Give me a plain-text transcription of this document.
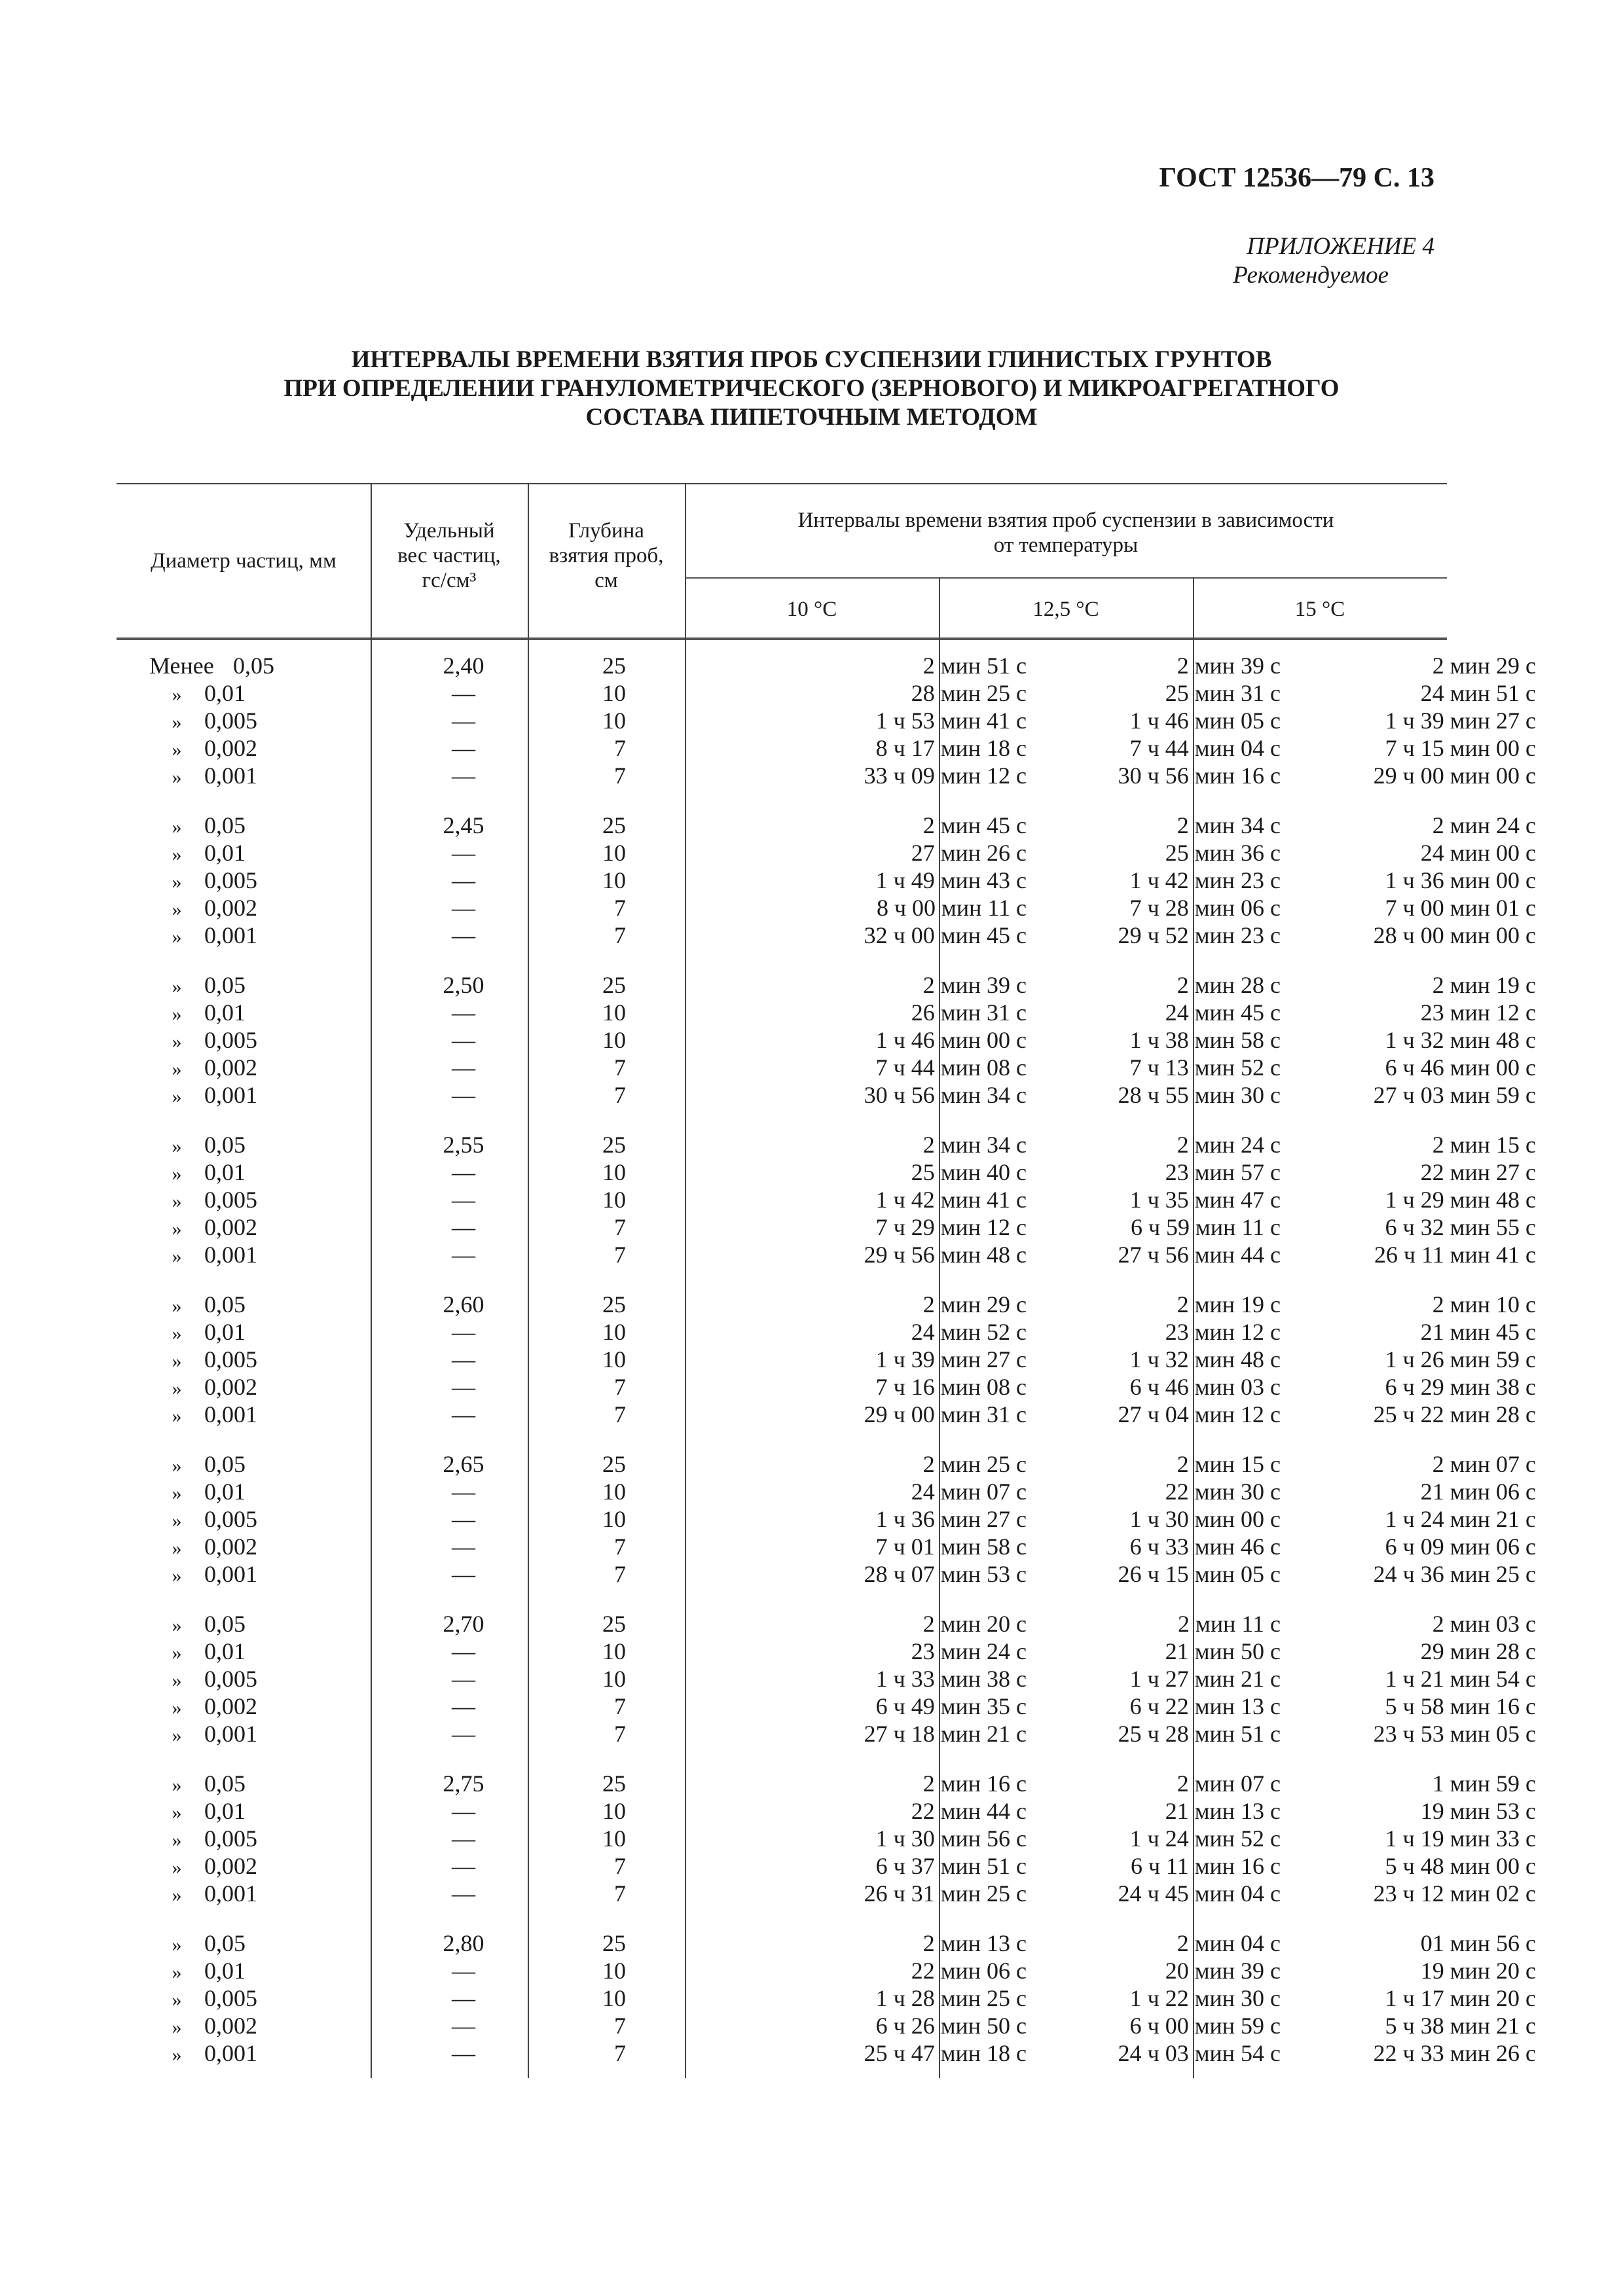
ГОСТ 12536—79 С. 13
ПРИЛОЖЕНИЕ 4
Рекомендуемое
ИНТЕРВАЛЫ ВРЕМЕНИ ВЗЯТИЯ ПРОБ СУСПЕНЗИИ ГЛИНИСТЫХ ГРУНТОВ
ПРИ ОПРЕДЕЛЕНИИ ГРАНУЛОМЕТРИЧЕСКОГО (ЗЕРНОВОГО) И МИКРОАГРЕГАТНОГО
СОСТАВА ПИПЕТОЧНЫМ МЕТОДОМ
Диаметр частиц, мм
Удельный
вес частиц,
гс/см³
Глубина
взятия проб,
см
Интервалы времени взятия проб суспензии в зависимости
от температуры
10 °С	12,5 °С	15 °С
Менее 0,05	2,40	25	2 мин 51 с	2 мин 39 с	2 мин 29 с
» 0,01	—	10	28 мин 25 с	25 мин 31 с	24 мин 51 с
» 0,005	—	10	1 ч 53 мин 41 с	1 ч 46 мин 05 с	1 ч 39 мин 27 с
» 0,002	—	7	8 ч 17 мин 18 с	7 ч 44 мин 04 с	7 ч 15 мин 00 с
» 0,001	—	7	33 ч 09 мин 12 с	30 ч 56 мин 16 с	29 ч 00 мин 00 с
» 0,05	2,45	25	2 мин 45 с	2 мин 34 с	2 мин 24 с
» 0,01	—	10	27 мин 26 с	25 мин 36 с	24 мин 00 с
» 0,005	—	10	1 ч 49 мин 43 с	1 ч 42 мин 23 с	1 ч 36 мин 00 с
» 0,002	—	7	8 ч 00 мин 11 с	7 ч 28 мин 06 с	7 ч 00 мин 01 с
» 0,001	—	7	32 ч 00 мин 45 с	29 ч 52 мин 23 с	28 ч 00 мин 00 с
» 0,05	2,50	25	2 мин 39 с	2 мин 28 с	2 мин 19 с
» 0,01	—	10	26 мин 31 с	24 мин 45 с	23 мин 12 с
» 0,005	—	10	1 ч 46 мин 00 с	1 ч 38 мин 58 с	1 ч 32 мин 48 с
» 0,002	—	7	7 ч 44 мин 08 с	7 ч 13 мин 52 с	6 ч 46 мин 00 с
» 0,001	—	7	30 ч 56 мин 34 с	28 ч 55 мин 30 с	27 ч 03 мин 59 с
» 0,05	2,55	25	2 мин 34 с	2 мин 24 с	2 мин 15 с
» 0,01	—	10	25 мин 40 с	23 мин 57 с	22 мин 27 с
» 0,005	—	10	1 ч 42 мин 41 с	1 ч 35 мин 47 с	1 ч 29 мин 48 с
» 0,002	—	7	7 ч 29 мин 12 с	6 ч 59 мин 11 с	6 ч 32 мин 55 с
» 0,001	—	7	29 ч 56 мин 48 с	27 ч 56 мин 44 с	26 ч 11 мин 41 с
» 0,05	2,60	25	2 мин 29 с	2 мин 19 с	2 мин 10 с
» 0,01	—	10	24 мин 52 с	23 мин 12 с	21 мин 45 с
» 0,005	—	10	1 ч 39 мин 27 с	1 ч 32 мин 48 с	1 ч 26 мин 59 с
» 0,002	—	7	7 ч 16 мин 08 с	6 ч 46 мин 03 с	6 ч 29 мин 38 с
» 0,001	—	7	29 ч 00 мин 31 с	27 ч 04 мин 12 с	25 ч 22 мин 28 с
» 0,05	2,65	25	2 мин 25 с	2 мин 15 с	2 мин 07 с
» 0,01	—	10	24 мин 07 с	22 мин 30 с	21 мин 06 с
» 0,005	—	10	1 ч 36 мин 27 с	1 ч 30 мин 00 с	1 ч 24 мин 21 с
» 0,002	—	7	7 ч 01 мин 58 с	6 ч 33 мин 46 с	6 ч 09 мин 06 с
» 0,001	—	7	28 ч 07 мин 53 с	26 ч 15 мин 05 с	24 ч 36 мин 25 с
» 0,05	2,70	25	2 мин 20 с	2 мин 11 с	2 мин 03 с
» 0,01	—	10	23 мин 24 с	21 мин 50 с	29 мин 28 с
» 0,005	—	10	1 ч 33 мин 38 с	1 ч 27 мин 21 с	1 ч 21 мин 54 с
» 0,002	—	7	6 ч 49 мин 35 с	6 ч 22 мин 13 с	5 ч 58 мин 16 с
» 0,001	—	7	27 ч 18 мин 21 с	25 ч 28 мин 51 с	23 ч 53 мин 05 с
» 0,05	2,75	25	2 мин 16 с	2 мин 07 с	1 мин 59 с
» 0,01	—	10	22 мин 44 с	21 мин 13 с	19 мин 53 с
» 0,005	—	10	1 ч 30 мин 56 с	1 ч 24 мин 52 с	1 ч 19 мин 33 с
» 0,002	—	7	6 ч 37 мин 51 с	6 ч 11 мин 16 с	5 ч 48 мин 00 с
» 0,001	—	7	26 ч 31 мин 25 с	24 ч 45 мин 04 с	23 ч 12 мин 02 с
» 0,05	2,80	25	2 мин 13 с	2 мин 04 с	01 мин 56 с
» 0,01	—	10	22 мин 06 с	20 мин 39 с	19 мин 20 с
» 0,005	—	10	1 ч 28 мин 25 с	1 ч 22 мин 30 с	1 ч 17 мин 20 с
» 0,002	—	7	6 ч 26 мин 50 с	6 ч 00 мин 59 с	5 ч 38 мин 21 с
» 0,001	—	7	25 ч 47 мин 18 с	24 ч 03 мин 54 с	22 ч 33 мин 26 с
